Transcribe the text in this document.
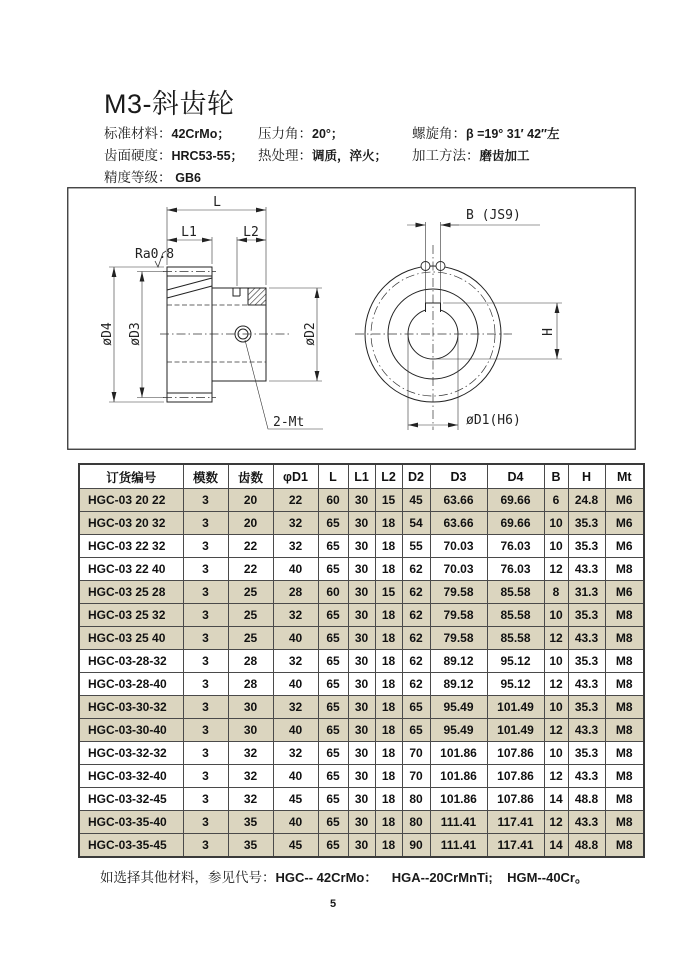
M3-斜齿轮
标准材料：42CrMo； 压力角：20°；	螺旋角：β =19° 31′ 42″左
齿面硬度：HRC53-55； 热处理：调质，淬火； 加工方法：磨齿加工
精度等级： GB6
L
L1	L2
øD4 øD3	øD2
2-Mt
Ra0.8
B (JS9)
H
øD1(H6)
订货编号	模数	齿数	φD1	L	L1	L2	D2	D3	D4	B	H	Mt
HGC-03 20 22	3	20	22	60	30	15	45	63.66	69.66	6	24.8	M6
HGC-03 20 32	3	20	32	65	30	18	54	63.66	69.66	10	35.3	M6
HGC-03 22 32	3	22	32	65	30	18	55	70.03	76.03	10	35.3	M6
HGC-03 22 40	3	22	40	65	30	18	62	70.03	76.03	12	43.3	M8
HGC-03 25 28	3	25	28	60	30	15	62	79.58	85.58	8	31.3	M6
HGC-03 25 32	3	25	32	65	30	18	62	79.58	85.58	10	35.3	M8
HGC-03 25 40	3	25	40	65	30	18	62	79.58	85.58	12	43.3	M8
HGC-03-28-32	3	28	32	65	30	18	62	89.12	95.12	10	35.3	M8
HGC-03-28-40	3	28	40	65	30	18	62	89.12	95.12	12	43.3	M8
HGC-03-30-32	3	30	32	65	30	18	65	95.49	101.49	10	35.3	M8
HGC-03-30-40	3	30	40	65	30	18	65	95.49	101.49	12	43.3	M8
HGC-03-32-32	3	32	32	65	30	18	70	101.86	107.86	10	35.3	M8
HGC-03-32-40	3	32	40	65	30	18	70	101.86	107.86	12	43.3	M8
HGC-03-32-45	3	32	45	65	30	18	80	101.86	107.86	14	48.8	M8
HGC-03-35-40	3	35	40	65	30	18	80	111.41	117.41	12	43.3	M8
HGC-03-35-45	3	35	45	65	30	18	90	111.41	117.41	14	48.8	M8
如选择其他材料，参见代号：HGC-- 42CrMo：    HGA--20CrMnTi;    HGM--40Cr。
5
